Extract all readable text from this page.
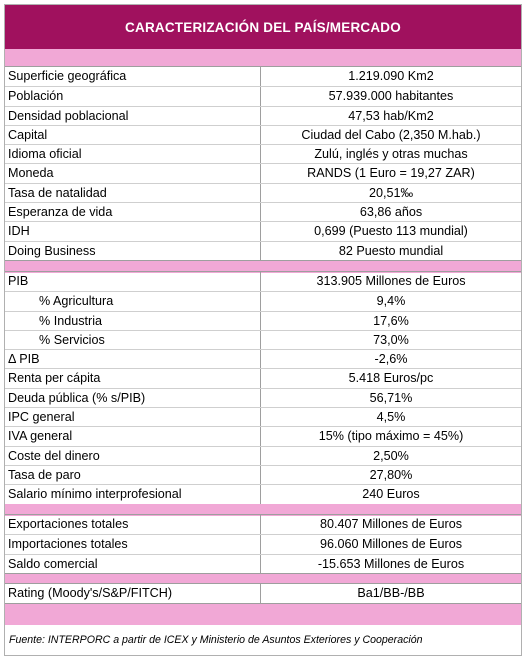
CARACTERIZACIÓN DEL PAÍS/MERCADO
Superficie geográfica	1.219.090 Km2
Población	57.939.000 habitantes
Densidad poblacional	47,53 hab/Km2
Capital	Ciudad del Cabo (2,350 M.hab.)
Idioma oficial	Zulú, inglés y otras muchas
Moneda	RANDS (1 Euro = 19,27 ZAR)
Tasa de natalidad	20,51‰
Esperanza de vida	63,86 años
IDH	0,699 (Puesto 113 mundial)
Doing Business	82 Puesto mundial
PIB	313.905 Millones de Euros
% Agricultura	9,4%
% Industria	17,6%
% Servicios	73,0%
Δ PIB	-2,6%
Renta per cápita	5.418 Euros/pc
Deuda pública (% s/PIB)	56,71%
IPC general	4,5%
IVA general	15% (tipo máximo = 45%)
Coste del dinero	2,50%
Tasa de paro	27,80%
Salario mínimo interprofesional	240 Euros
Exportaciones totales	80.407 Millones de Euros
Importaciones totales	96.060 Millones de Euros
Saldo comercial	-15.653 Millones de Euros
Rating (Moody's/S&P/FITCH)	Ba1/BB-/BB
Fuente: INTERPORC a partir de ICEX y Ministerio de Asuntos Exteriores y Cooperación
